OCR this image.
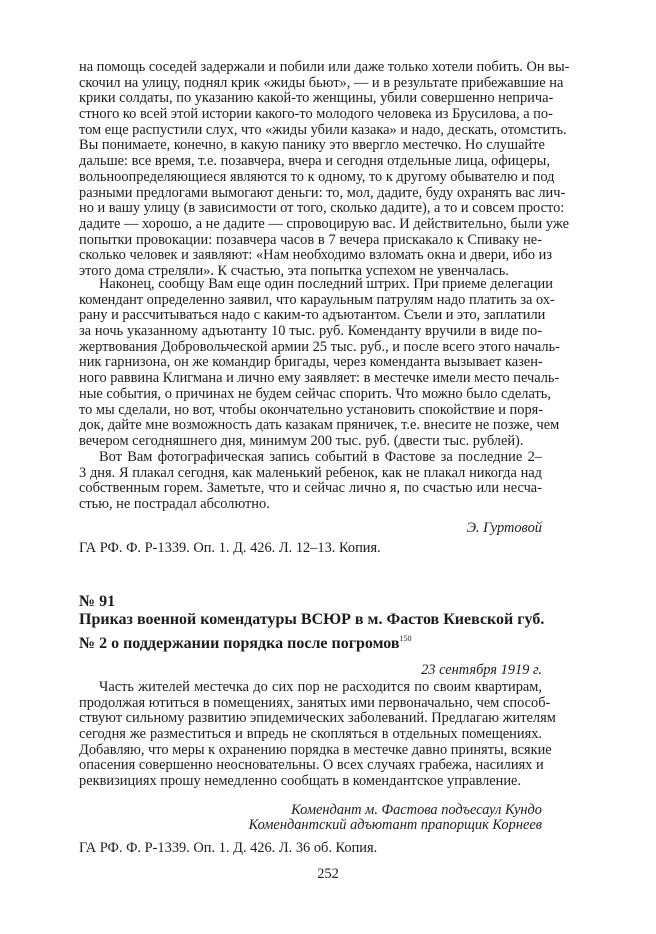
на помощь соседей задержали и побили или даже только хотели побить. Он вы-
скочил на улицу, поднял крик «жиды бьют», — и в результате прибежавшие на
крики солдаты, по указанию какой-то женщины, убили совершенно неприча-
стного ко всей этой истории какого-то молодого человека из Брусилова, а по-
том еще распустили слух, что «жиды убили казака» и надо, дескать, отомстить.
Вы понимаете, конечно, в какую панику это ввергло местечко. Но слушайте
дальше: все время, т.е. позавчера, вчера и сегодня отдельные лица, офицеры,
вольноопределяющиеся являются то к одному, то к другому обывателю и под
разными предлогами вымогают деньги: то, мол, дадите, буду охранять вас лич-
но и вашу улицу (в зависимости от того, сколько дадите), а то и совсем просто:
дадите — хорошо, а не дадите — спровоцирую вас. И действительно, были уже
попытки провокации: позавчера часов в 7 вечера прискакало к Спиваку не-
сколько человек и заявляют: «Нам необходимо взломать окна и двери, ибо из
этого дома стреляли». К счастью, эта попытка успехом не увенчалась.
Наконец, сообщу Вам еще один последний штрих. При приеме делегации
комендант определенно заявил, что караульным патрулям надо платить за ох-
рану и рассчитываться надо с каким-то адъютантом. Съели и это, заплатили
за ночь указанному адъютанту 10 тыс. руб. Коменданту вручили в виде по-
жертвования Добровольческой армии 25 тыс. руб., и после всего этого началь-
ник гарнизона, он же командир бригады, через коменданта вызывает казен-
ного раввина Клигмана и лично ему заявляет: в местечке имели место печаль-
ные события, о причинах не будем сейчас спорить. Что можно было сделать,
то мы сделали, но вот, чтобы окончательно установить спокойствие и поря-
док, дайте мне возможность дать казакам пряничек, т.е. внесите не позже, чем
вечером сегодняшнего дня, минимум 200 тыс. руб. (двести тыс. рублей).
Вот Вам фотографическая запись событий в Фастове за последние 2–
3 дня. Я плакал сегодня, как маленький ребенок, как не плакал никогда над
собственным горем. Заметьте, что и сейчас лично я, по счастью или несча-
стью, не пострадал абсолютно.
Э. Гуртовой
ГА РФ. Ф. Р-1339. Оп. 1. Д. 426. Л. 12–13. Копия.
№ 91
Приказ военной комендатуры ВСЮР в м. Фастов Киевской губ.
№ 2 о поддержании порядка после погромов$^{150}$
23 сентября 1919 г.
Часть жителей местечка до сих пор не расходится по своим квартирам,
продолжая ютиться в помещениях, занятых ими первоначально, чем способ-
ствуют сильному развитию эпидемических заболеваний. Предлагаю жителям
сегодня же разместиться и впредь не скопляться в отдельных помещениях.
Добавляю, что меры к охранению порядка в местечке давно приняты, всякие
опасения совершенно неосновательны. О всех случаях грабежа, насилиях и
реквизициях прошу немедленно сообщать в комендантское управление.
Комендант м. Фастова подъесаул Кундо
Комендантский адъютант прапорщик Корнеев
ГА РФ. Ф. Р-1339. Оп. 1. Д. 426. Л. 36 об. Копия.
252
